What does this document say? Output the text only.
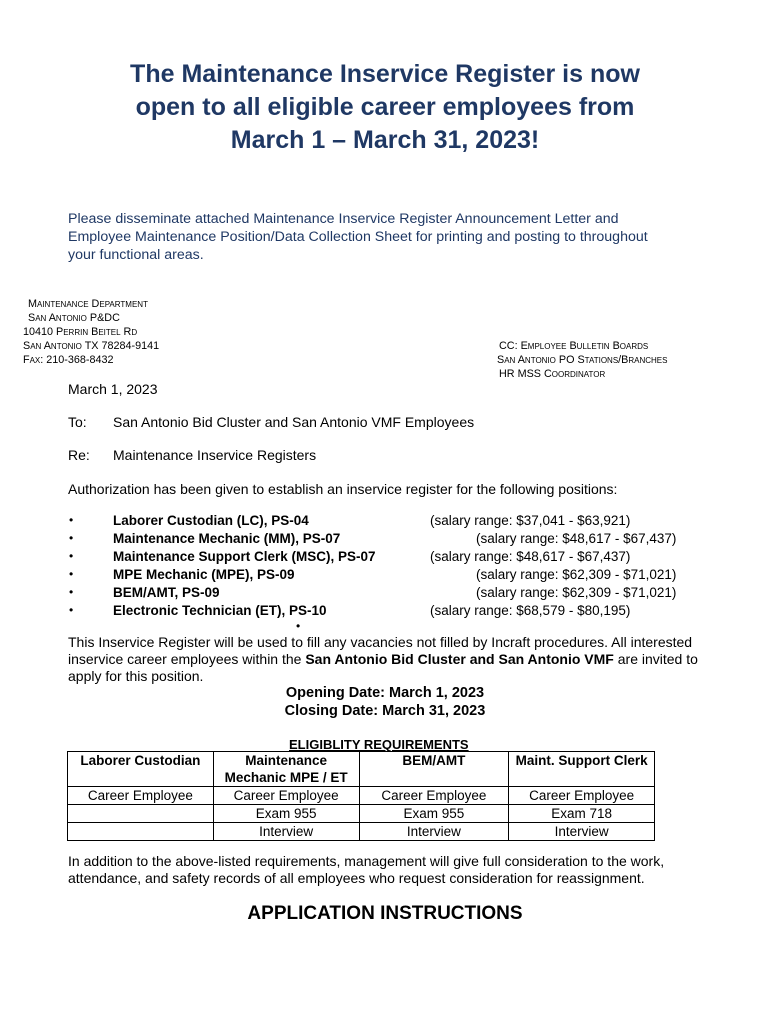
The Maintenance Inservice Register is now
open to all eligible career employees from
March 1 – March 31, 2023!
Please disseminate attached Maintenance Inservice Register Announcement Letter and
Employee Maintenance Position/Data Collection Sheet for printing and posting to throughout
your functional areas.
Maintenance Department
San Antonio P&DC
10410 Perrin Beitel Rd
San Antonio TX 78284-9141
Fax: 210-368-8432
CC: Employee Bulletin Boards
San Antonio PO Stations/Branches
HR MSS Coordinator
March 1, 2023
To: San Antonio Bid Cluster and San Antonio VMF Employees
Re: Maintenance Inservice Registers
Authorization has been given to establish an inservice register for the following positions:
•	Laborer Custodian (LC), PS-04	(salary range: $37,041 - $63,921)
•	Maintenance Mechanic (MM), PS-07	(salary range: $48,617 - $67,437)
•	Maintenance Support Clerk (MSC), PS-07	(salary range: $48,617 - $67,437)
•	MPE Mechanic (MPE), PS-09	(salary range: $62,309 - $71,021)
•	BEM/AMT, PS-09	(salary range: $62,309 - $71,021)
•	Electronic Technician (ET), PS-10	(salary range: $68,579 - $80,195)
•
This Inservice Register will be used to fill any vacancies not filled by Incraft procedures. All interested
inservice career employees within the San Antonio Bid Cluster and San Antonio VMF are invited to
apply for this position.
Opening Date: March 1, 2023
Closing Date: March 31, 2023
ELIGIBLITY REQUIREMENTS
Laborer Custodian	Maintenance Mechanic MPE / ET	BEM/AMT	Maint. Support Clerk
Career Employee	Career Employee	Career Employee	Career Employee
	Exam 955	Exam 955	Exam 718
	Interview	Interview	Interview
In addition to the above-listed requirements, management will give full consideration to the work,
attendance, and safety records of all employees who request consideration for reassignment.
APPLICATION INSTRUCTIONS
